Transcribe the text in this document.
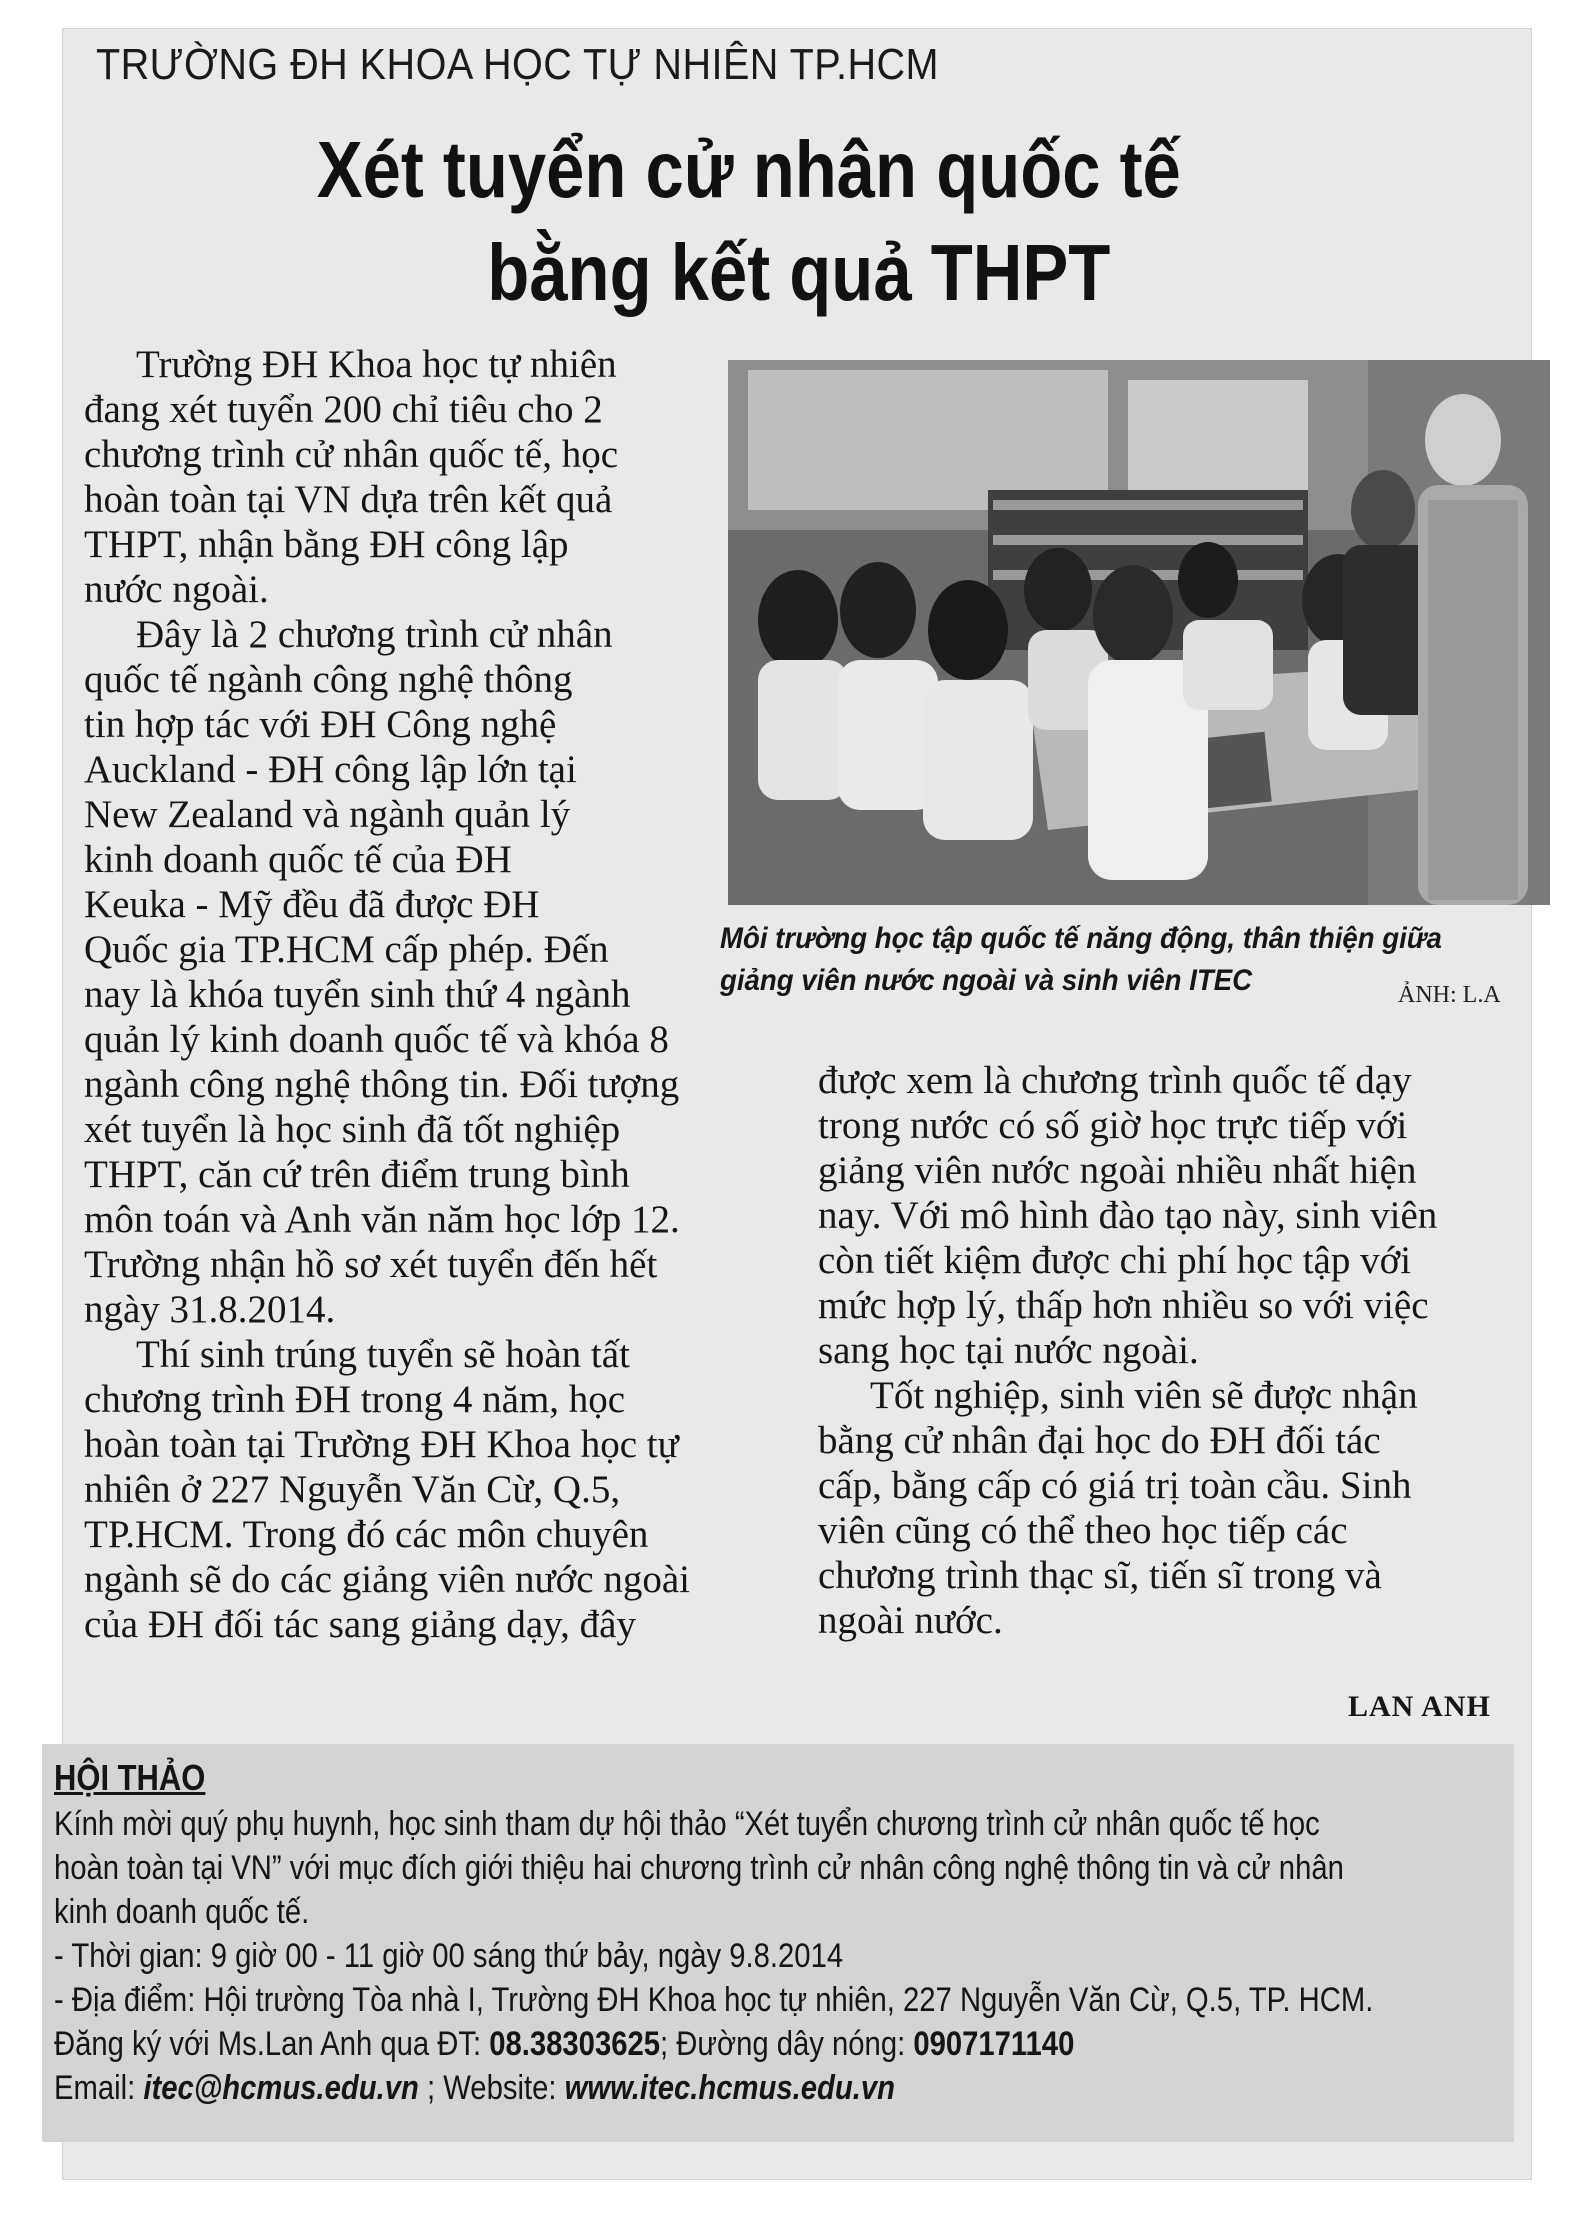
TRƯỜNG ĐH KHOA HỌC TỰ NHIÊN TP.HCM
Xét tuyển cử nhân quốc tế
bằng kết quả THPT

Trường ĐH Khoa học tự nhiên
đang xét tuyển 200 chỉ tiêu cho 2
chương trình cử nhân quốc tế, học
hoàn toàn tại VN dựa trên kết quả
THPT, nhận bằng ĐH công lập
nước ngoài.

Đây là 2 chương trình cử nhân
quốc tế ngành công nghệ thông
tin hợp tác với ĐH Công nghệ
Auckland - ĐH công lập lớn tại
New Zealand và ngành quản lý
kinh doanh quốc tế của ĐH
Keuka - Mỹ đều đã được ĐH
Quốc gia TP.HCM cấp phép. Đến
nay là khóa tuyển sinh thứ 4 ngành
quản lý kinh doanh quốc tế và khóa 8
ngành công nghệ thông tin. Đối tượng
xét tuyển là học sinh đã tốt nghiệp
THPT, căn cứ trên điểm trung bình
môn toán và Anh văn năm học lớp 12.
Trường nhận hồ sơ xét tuyển đến hết
ngày 31.8.2014.

Thí sinh trúng tuyển sẽ hoàn tất
chương trình ĐH trong 4 năm, học
hoàn toàn tại Trường ĐH Khoa học tự
nhiên ở 227 Nguyễn Văn Cừ, Q.5,
TP.HCM. Trong đó các môn chuyên
ngành sẽ do các giảng viên nước ngoài
của ĐH đối tác sang giảng dạy, đây

Môi trường học tập quốc tế năng động, thân thiện giữa
giảng viên nước ngoài và sinh viên ITEC	ẢNH: L.A

được xem là chương trình quốc tế dạy
trong nước có số giờ học trực tiếp với
giảng viên nước ngoài nhiều nhất hiện
nay. Với mô hình đào tạo này, sinh viên
còn tiết kiệm được chi phí học tập với
mức hợp lý, thấp hơn nhiều so với việc
sang học tại nước ngoài.

Tốt nghiệp, sinh viên sẽ được nhận
bằng cử nhân đại học do ĐH đối tác
cấp, bằng cấp có giá trị toàn cầu. Sinh
viên cũng có thể theo học tiếp các
chương trình thạc sĩ, tiến sĩ trong và
ngoài nước.

LAN ANH
HỘI THẢO
Kính mời quý phụ huynh, học sinh tham dự hội thảo “Xét tuyển chương trình cử nhân quốc tế học
hoàn toàn tại VN” với mục đích giới thiệu hai chương trình cử nhân công nghệ thông tin và cử nhân
kinh doanh quốc tế.
- Thời gian: 9 giờ 00 - 11 giờ 00 sáng thứ bảy, ngày 9.8.2014
- Địa điểm: Hội trường Tòa nhà I, Trường ĐH Khoa học tự nhiên, 227 Nguyễn Văn Cừ, Q.5, TP. HCM.
Đăng ký với Ms.Lan Anh qua ĐT: 08.38303625; Đường dây nóng: 0907171140
Email: itec@hcmus.edu.vn ; Website: www.itec.hcmus.edu.vn
